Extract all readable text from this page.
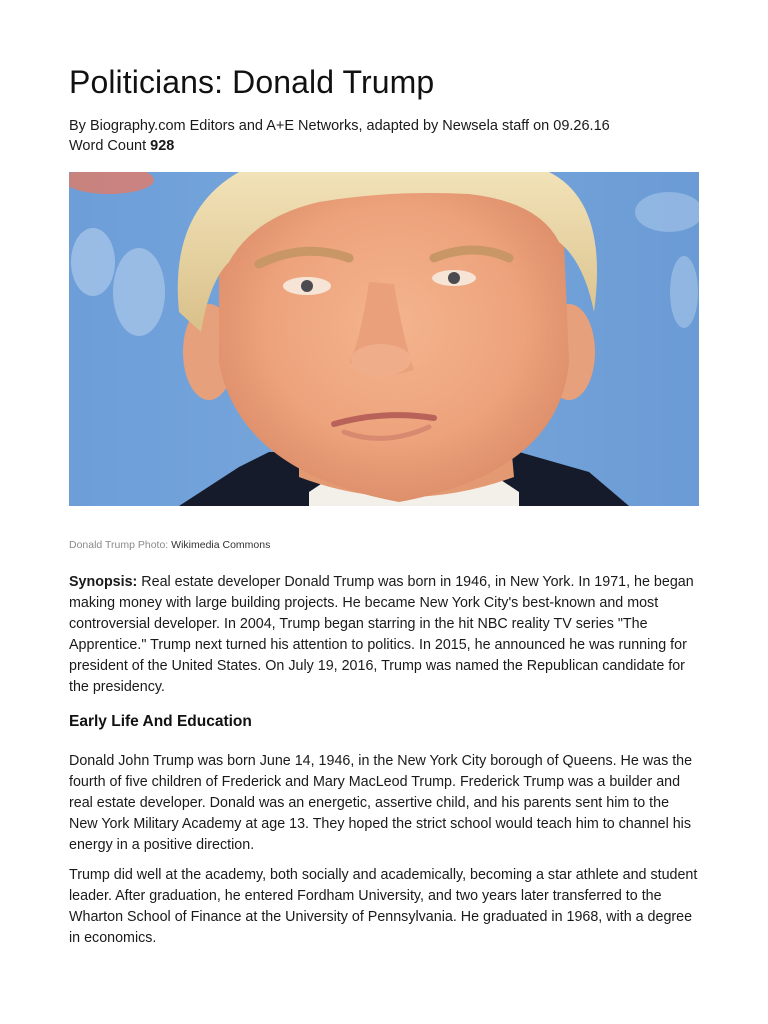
Politicians: Donald Trump
By Biography.com Editors and A+E Networks, adapted by Newsela staff on 09.26.16
Word Count 928
Donald Trump Photo: Wikimedia Commons

Synopsis: Real estate developer Donald Trump was born in 1946, in New York. In 1971, he began making money with large building projects. He became New York City's best-known and most controversial developer. In 2004, Trump began starring in the hit NBC reality TV series "The Apprentice." Trump next turned his attention to politics. In 2015, he announced he was running for president of the United States. On July 19, 2016, Trump was named the Republican candidate for the presidency.

Early Life And Education

Donald John Trump was born June 14, 1946, in the New York City borough of Queens. He was the fourth of five children of Frederick and Mary MacLeod Trump. Frederick Trump was a builder and real estate developer. Donald was an energetic, assertive child, and his parents sent him to the New York Military Academy at age 13. They hoped the strict school would teach him to channel his energy in a positive direction.

Trump did well at the academy, both socially and academically, becoming a star athlete and student leader. After graduation, he entered Fordham University, and two years later transferred to the Wharton School of Finance at the University of Pennsylvania. He graduated in 1968, with a degree in economics.
